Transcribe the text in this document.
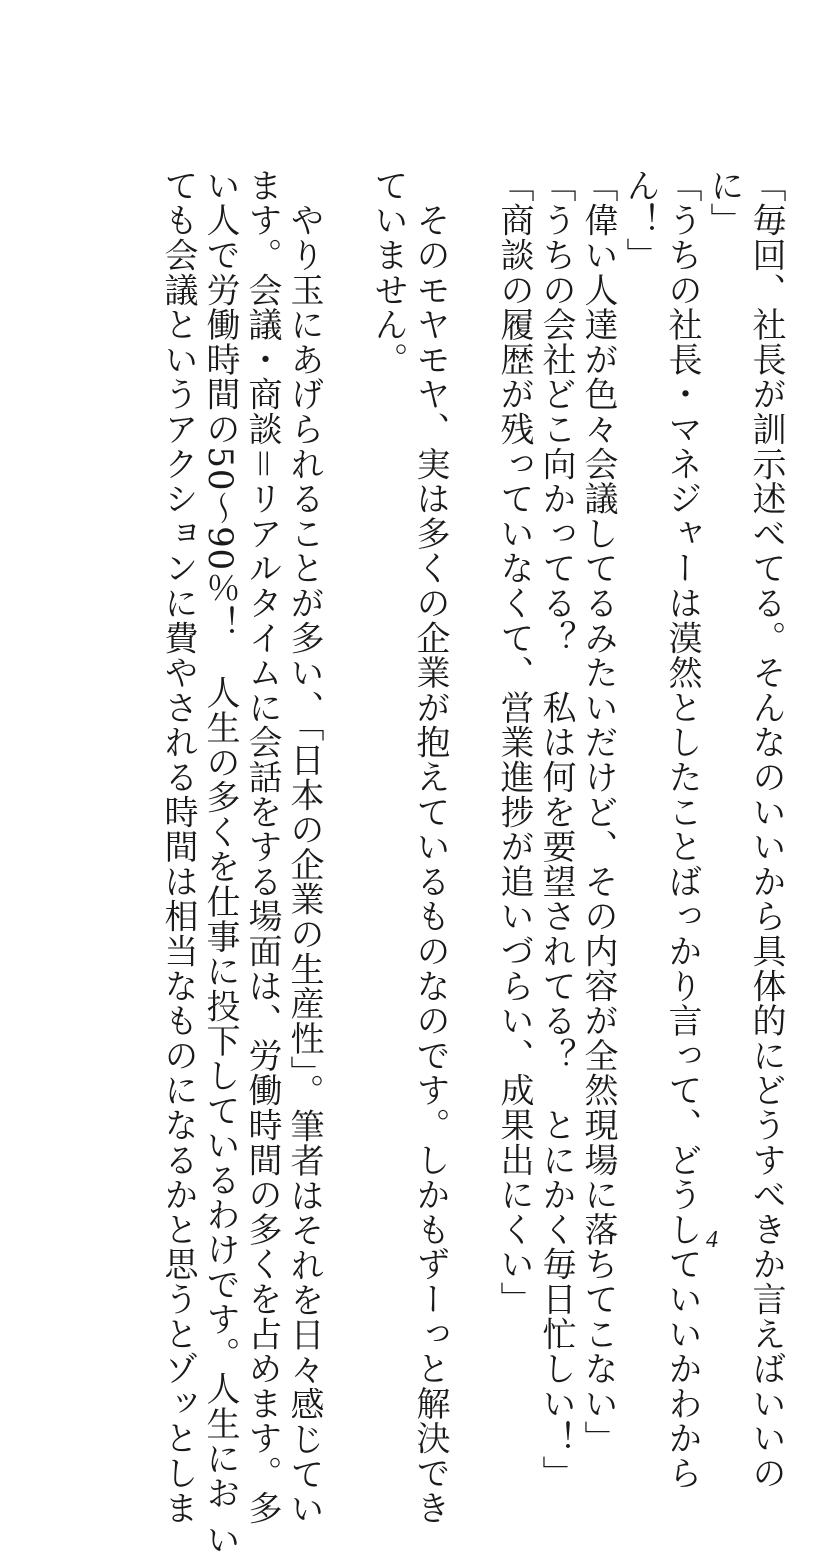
「毎回、社長が訓示述べてる。そんなのいいから具体的にどうすべきか言えばいいの
に」
「うちの社長・マネジャーは漠然としたことばっかり言って、どうしていいかわから
ん！」
「偉い人達が色々会議してるみたいだけど、その内容が全然現場に落ちてこない」
「うちの会社どこ向かってる？　私は何を要望されてる？　とにかく毎日忙しい！」
「商談の履歴が残っていなくて、営業進捗が追いづらい、成果出にくい」
　そのモヤモヤ、実は多くの企業が抱えているものなのです。しかもずーっと解決でき
ていません。
　やり玉にあげられることが多い、「日本の企業の生産性」。筆者はそれを日々感じてい
ます。会議・商談＝リアルタイムに会話をする場面は、労働時間の多くを占めます。多
い人で労働時間の50～90％！　人生の多くを仕事に投下しているわけです。人生にお い
ても会議というアクションに費やされる時間は相当なものになるかと思うとゾッとしま	4
